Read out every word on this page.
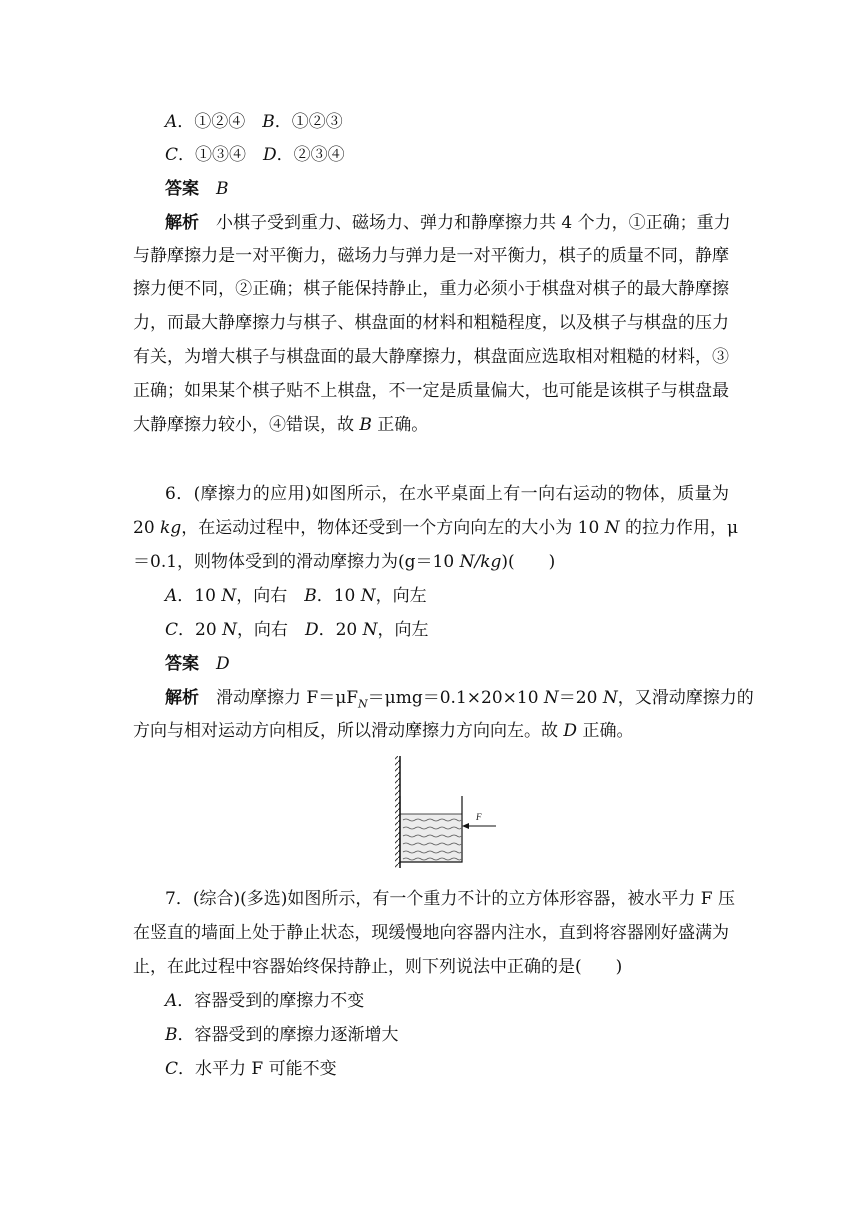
A．①②④　B．①②③
C．①③④　D．②③④
答案　 B
解析　 小棋子受到重力、磁场力、弹力和静摩擦力共 4 个力，①正确；重力
与静摩擦力是一对平衡力，磁场力与弹力是一对平衡力，棋子的质量不同，静摩
擦力便不同，②正确；棋子能保持静止，重力必须小于棋盘对棋子的最大静摩擦
力，而最大静摩擦力与棋子、棋盘面的材料和粗糙程度，以及棋子与棋盘的压力
有关，为增大棋子与棋盘面的最大静摩擦力，棋盘面应选取相对粗糙的材料，③
正确；如果某个棋子贴不上棋盘，不一定是质量偏大，也可能是该棋子与棋盘最
大静摩擦力较小，④错误，故 B 正确。
6．(摩擦力的应用)如图所示，在水平桌面上有一向右运动的物体，质量为
20 kg，在运动过程中，物体还受到一个方向向左的大小为 10 N 的拉力作用，μ
＝0.1，则物体受到的滑动摩擦力为(g＝10 N/kg)(　　)
A．10 N，向右　B．10 N，向左
C．20 N，向右　D．20 N，向左
答案　 D
解析　 滑动摩擦力 $F=\mu F_N=\mu mg=0.1\times 20\times 10$ N＝20 N，又滑动摩擦力的
方向与相对运动方向相反，所以滑动摩擦力方向向左。故 D 正确。
F
7．(综合)(多选)如图所示，有一个重力不计的立方体形容器，被水平力 F 压
在竖直的墙面上处于静止状态，现缓慢地向容器内注水，直到将容器刚好盛满为
止，在此过程中容器始终保持静止，则下列说法中正确的是(　　)
A．容器受到的摩擦力不变
B．容器受到的摩擦力逐渐增大
C．水平力 F 可能不变
